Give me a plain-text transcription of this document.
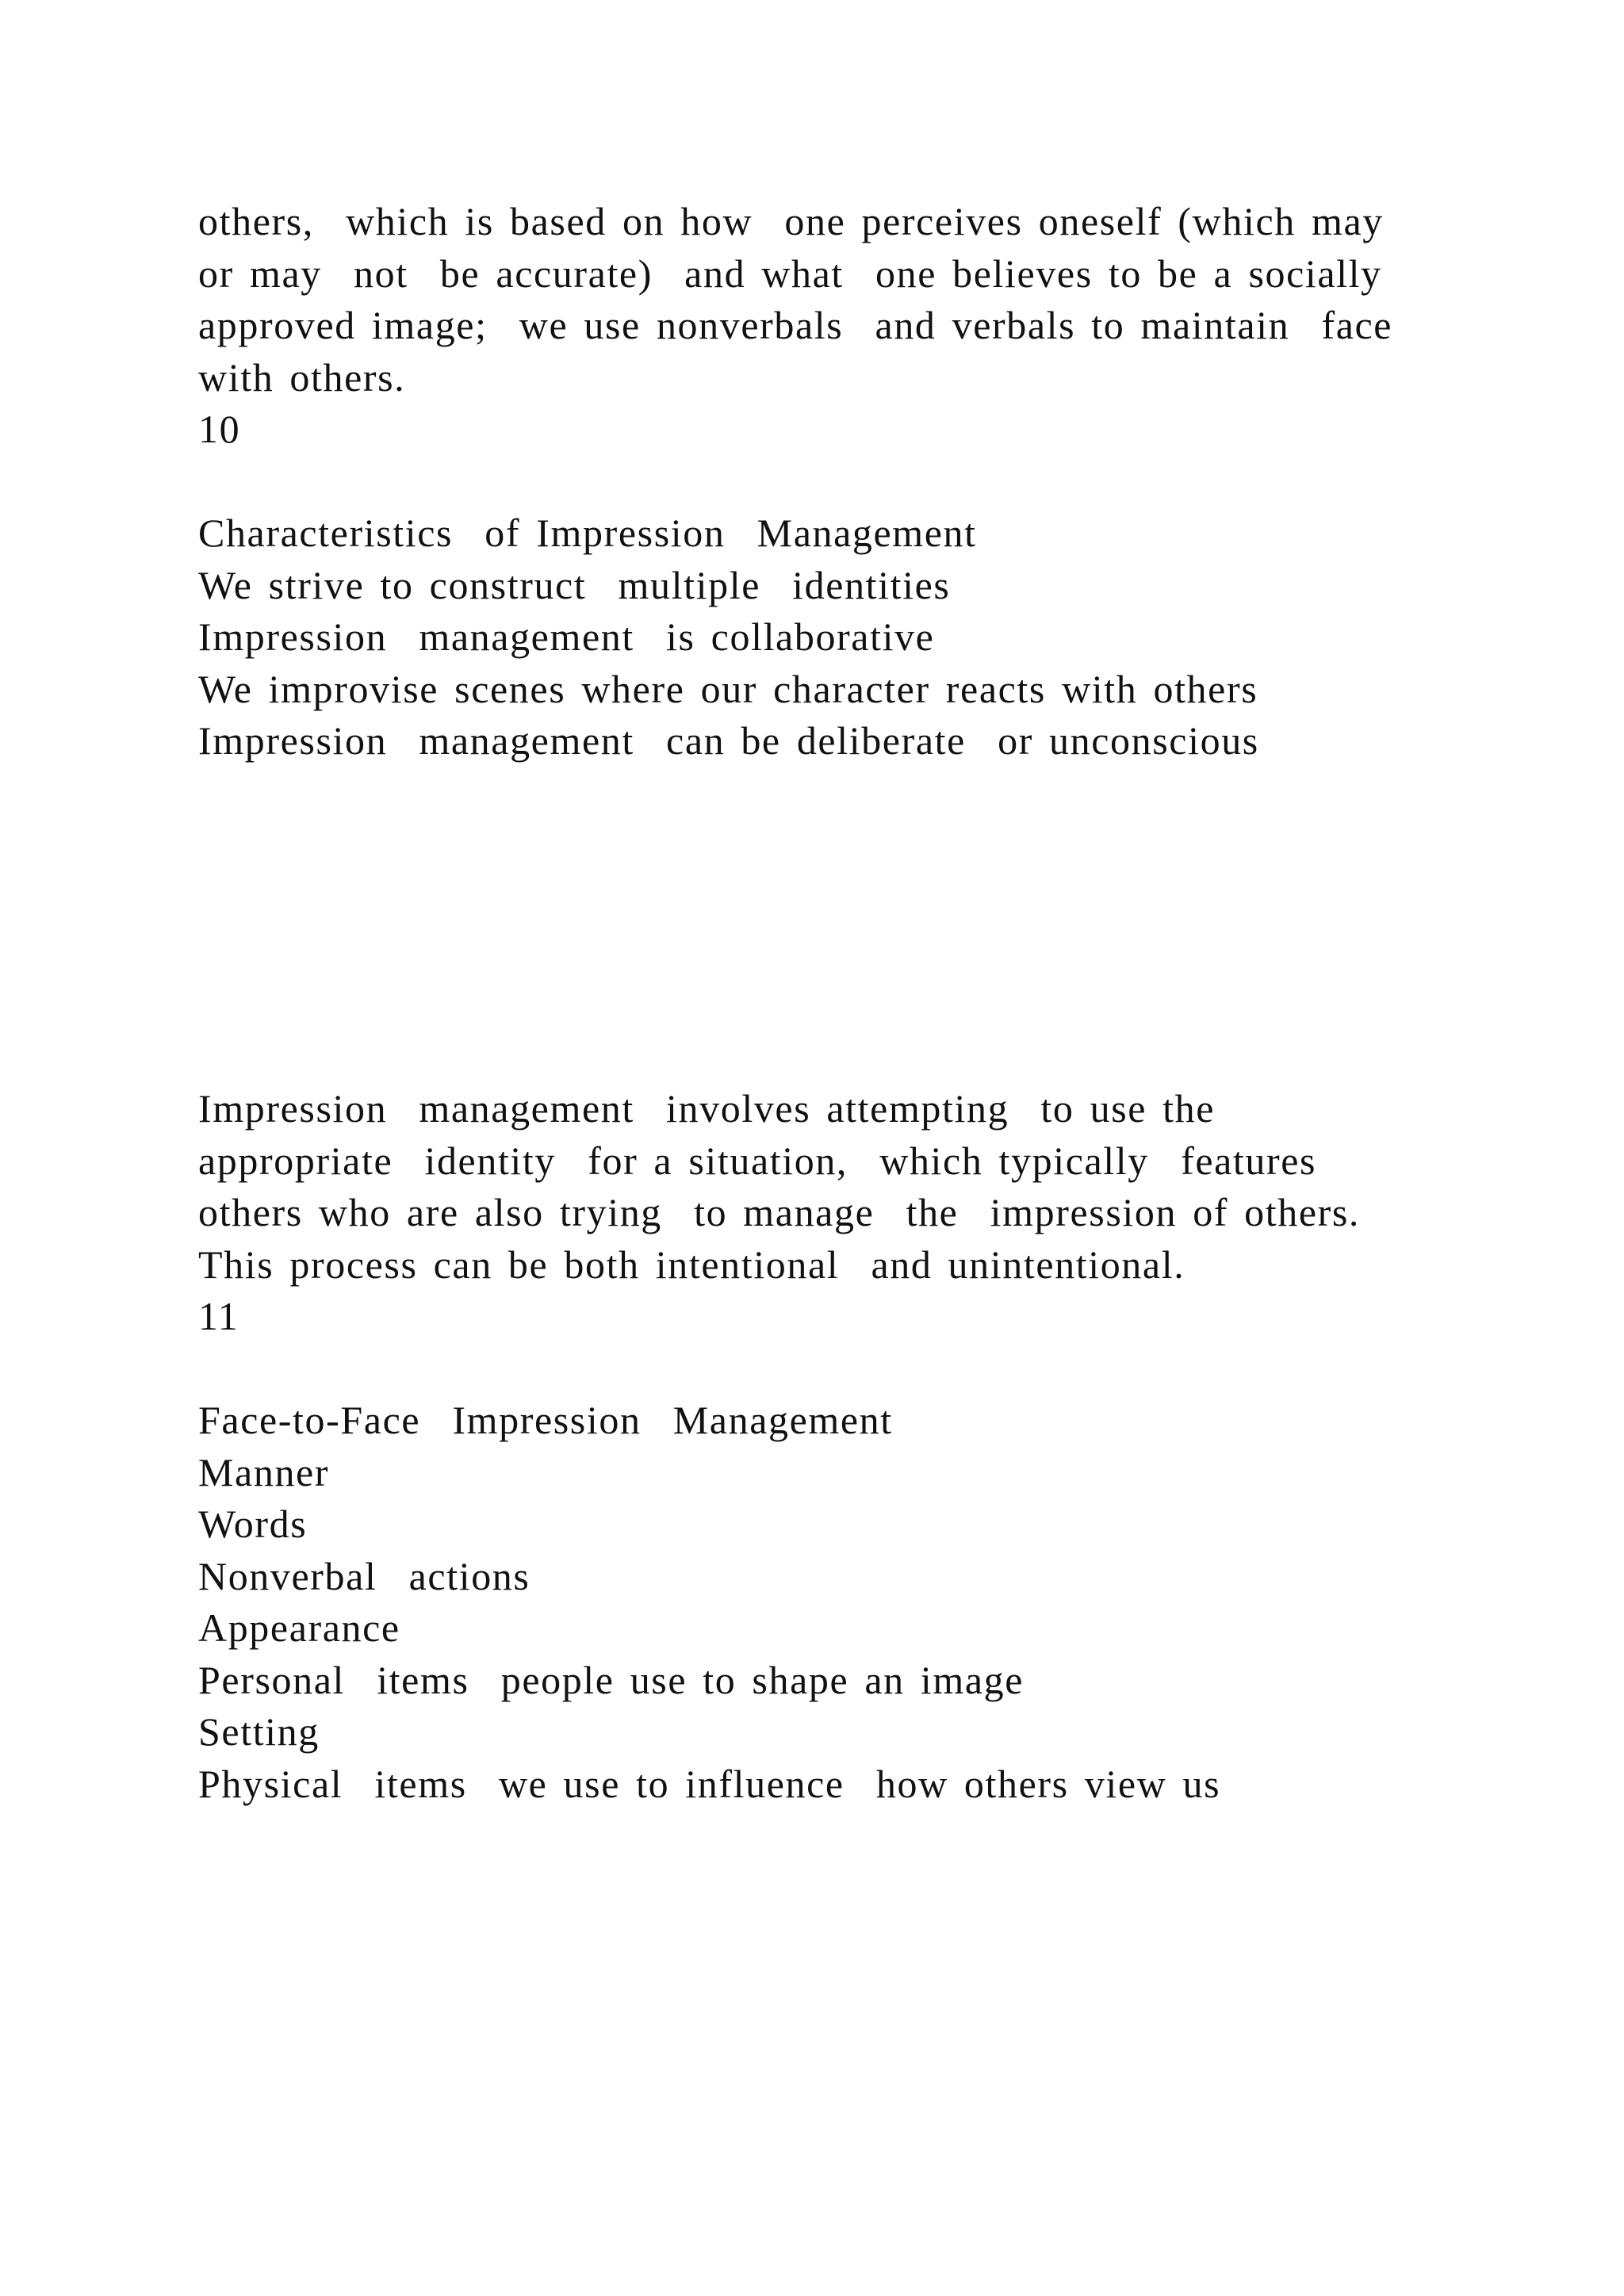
others,  which is based on how  one perceives oneself (which may
or may  not  be accurate)  and what  one believes to be a socially
approved image;  we use nonverbals  and verbals to maintain  face
with others.
10
Characteristics  of Impression  Management
We strive to construct  multiple  identities
Impression  management  is collaborative
We improvise scenes where our character reacts with others
Impression  management  can be deliberate  or unconscious
Impression  management  involves attempting  to use the
appropriate  identity  for a situation,  which typically  features
others who are also trying  to manage  the  impression of others.
This process can be both intentional  and unintentional.
11
Face-to-Face  Impression  Management
Manner
Words
Nonverbal  actions
Appearance
Personal  items  people use to shape an image
Setting
Physical  items  we use to influence  how others view us
